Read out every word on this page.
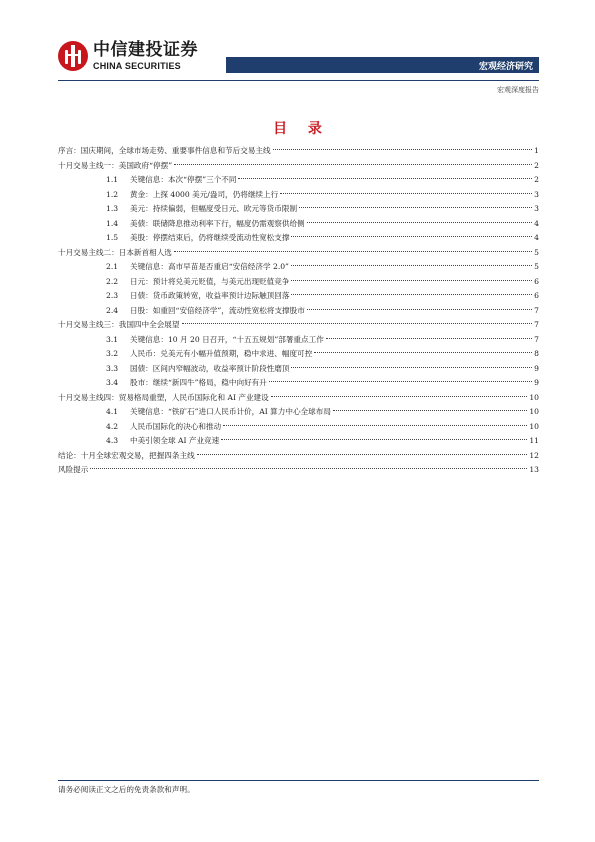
中信建投证券
CHINA SECURITIES	宏观经济研究
宏观深度报告
目 录
序言：国庆期间，全球市场走势、重要事件信息和节后交易主线	1
十月交易主线一：美国政府“停摆”	2
1.1	关键信息：本次“停摆”三个不同	2
1.2	黄金：上探 4000 美元/盎司，仍将继续上行	3
1.3	美元：持续偏弱，但幅度受日元、欧元等货币限制	3
1.4	美债：联储降息推动利率下行，幅度仍需观察供给侧	4
1.5	美股：停摆结束后，仍将继续受流动性宽松支撑	4
十月交易主线二：日本新首相人选	5
2.1	关键信息：高市早苗是否重启“安倍经济学 2.0”	5
2.2	日元：预计将兑美元贬值，与美元出现贬值竞争	6
2.3	日债：货币政策转宽，收益率预计边际触顶回落	6
2.4	日股：如重回“安倍经济学”，流动性宽松将支撑股市	7
十月交易主线三：我国四中全会展望	7
3.1	关键信息：10 月 20 日召开，“十五五规划”部署重点工作	7
3.2	人民币：兑美元有小幅升值预期，稳中求进、幅度可控	8
3.3	国债：区间内窄幅波动，收益率预计阶段性磨顶	9
3.4	股市：继续“新四牛”格局，稳中向好有升	9
十月交易主线四：贸易格局重塑，人民币国际化和 AI 产业建设	10
4.1	关键信息：“铁矿石”进口人民币计价，AI 算力中心全球布局	10
4.2	人民币国际化的决心和推动	10
4.3	中美引领全球 AI 产业竞速	11
结论：十月全球宏观交易，把握四条主线	12
风险提示	13
请务必阅读正文之后的免责条款和声明。
